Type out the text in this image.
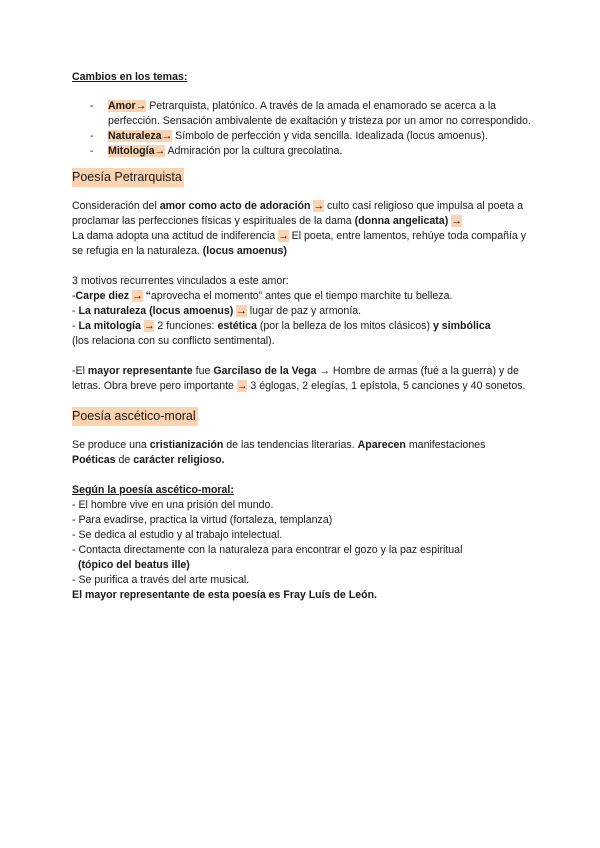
Cambios en los temas:

- Amor→ Petrarquista, platónico. A través de la amada el enamorado se acerca a la perfección. Sensación ambivalente de exaltación y tristeza por un amor no correspondido.
- Naturaleza→ Símbolo de perfección y vida sencilla. Idealizada (locus amoenus).
- Mitología→ Admiración por la cultura grecolatina.
Poesía Petrarquista

Consideración del amor como acto de adoración → culto casi religioso que impulsa al poeta a proclamar las perfecciones físicas y espirituales de la dama (donna angelicata) →
La dama adopta una actitud de indiferencia → El poeta, entre lamentos, rehúye toda compañía y se refugia en la naturaleza. (locus amoenus)

3 motivos recurrentes vinculados a este amor:

-Carpe diez → “aprovecha el momento” antes que el tiempo marchite tu belleza.

- La naturaleza (locus amoenus) → lugar de paz y armonía.

- La mitología → 2 funciones: estética (por la belleza de los mitos clásicos) y simbólica
(los relaciona con su conflicto sentimental).

-El mayor representante fue Garcilaso de la Vega → Hombre de armas (fué a la guerra) y de letras. Obra breve pero importante → 3 églogas, 2 elegías, 1 epístola, 5 canciones y 40 sonetos.

Poesía ascético-moral

Se produce una cristianización de las tendencias literarias. Aparecen manifestaciones
Poéticas de carácter religioso.

Según la poesía ascético-moral:

- El hombre vive en una prisión del mundo.

- Para evadirse, practica la virtud (fortaleza, templanza)

- Se dedica al estudio y al trabajo intelectual.

- Contacta directamente con la naturaleza para encontrar el gozo y la paz espiritual

(tópico del beatus ille)

- Se purifica a través del arte musical.

El mayor representante de esta poesía es Fray Luís de León.
